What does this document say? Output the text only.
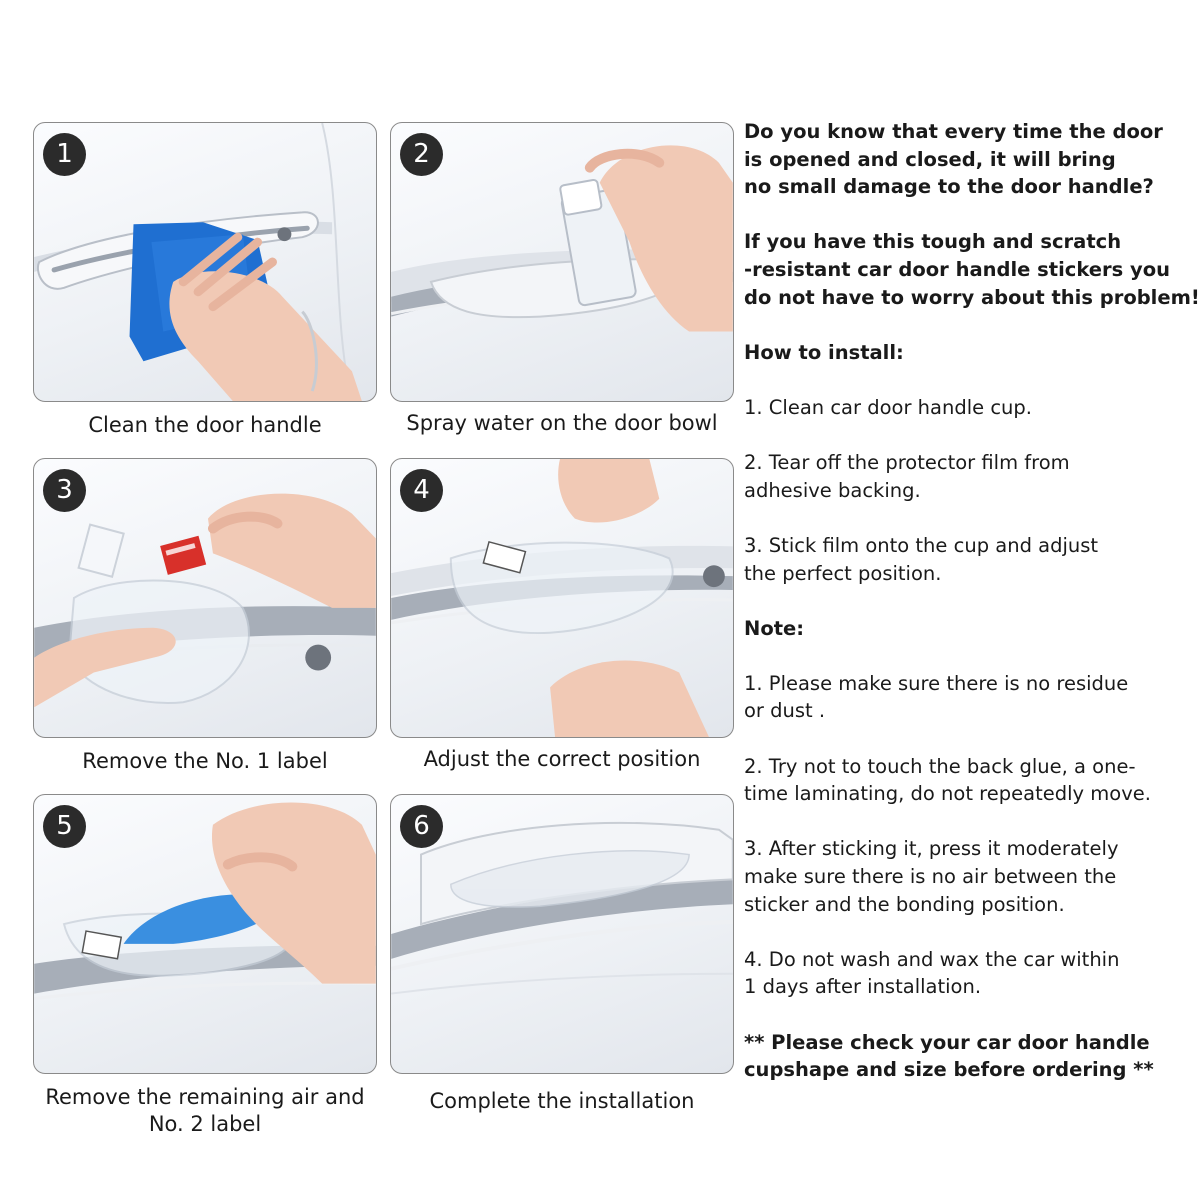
1
Clean the door handle
2
Spray water on the door bowl
3
Remove the No. 1 label
4
Adjust the correct position
5
Remove the remaining air and No. 2 label
6
Complete the installation
Do you know that every time the door
is opened and closed, it will bring
no small damage to the door handle?
If you have this tough and scratch
-resistant car door handle stickers you
do not have to worry about this problem!
How to install:
1. Clean car door handle cup.
2. Tear off the protector film from
adhesive backing.
3. Stick film onto the cup and adjust
the perfect position.
Note:
1. Please make sure there is no residue
or dust .
2. Try not to touch the back glue, a one-
time laminating, do not repeatedly move.
3. After sticking it, press it moderately
make sure there is no air between the
sticker and the bonding position.
4. Do not wash and wax the car within
1 days after installation.
** Please check your car door handle
cupshape and size before ordering **
